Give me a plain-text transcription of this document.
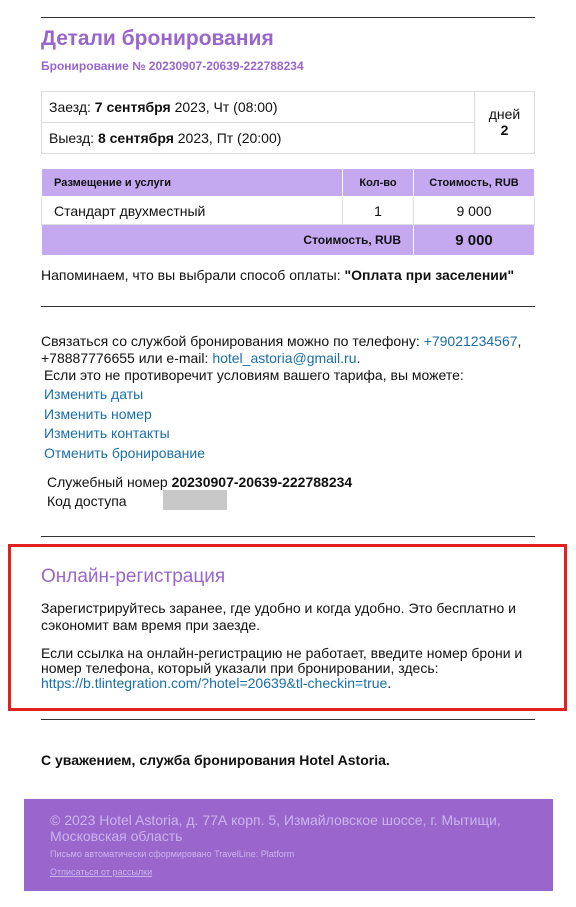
Детали бронирования
Бронирование № 20230907-20639-222788234
Заезд: 7 сентября 2023, Чт (08:00)
Выезд: 8 сентября 2023, Пт (20:00)
дней
2
Размещение и услуги	Кол-во	Стоимость, RUB
Стандарт двухместный	1	9 000
Стоимость, RUB		9 000
Напоминаем, что вы выбрали способ оплаты: "Оплата при заселении"
Связаться со службой бронирования можно по телефону: +79021234567, +78887776655 или e-mail: hotel_astoria@gmail.ru.
Если это не противоречит условиям вашего тарифа, вы можете:
Изменить даты
Изменить номер
Изменить контакты
Отменить бронирование
Служебный номер 20230907-20639-222788234
Код доступа
Онлайн-регистрация
Зарегистрируйтесь заранее, где удобно и когда удобно. Это бесплатно и сэкономит вам время при заезде.
Если ссылка на онлайн-регистрацию не работает, введите номер брони и номер телефона, который указали при бронировании, здесь: https://b.tlintegration.com/?hotel=20639&tl-checkin=true.
С уважением, служба бронирования Hotel Astoria.
© 2023 Hotel Astoria, д. 77А корп. 5, Измайловское шоссе, г. Мытищи, Московская область
Письмо автоматически сформировано TravelLine: Platform
Отписаться от рассылки
